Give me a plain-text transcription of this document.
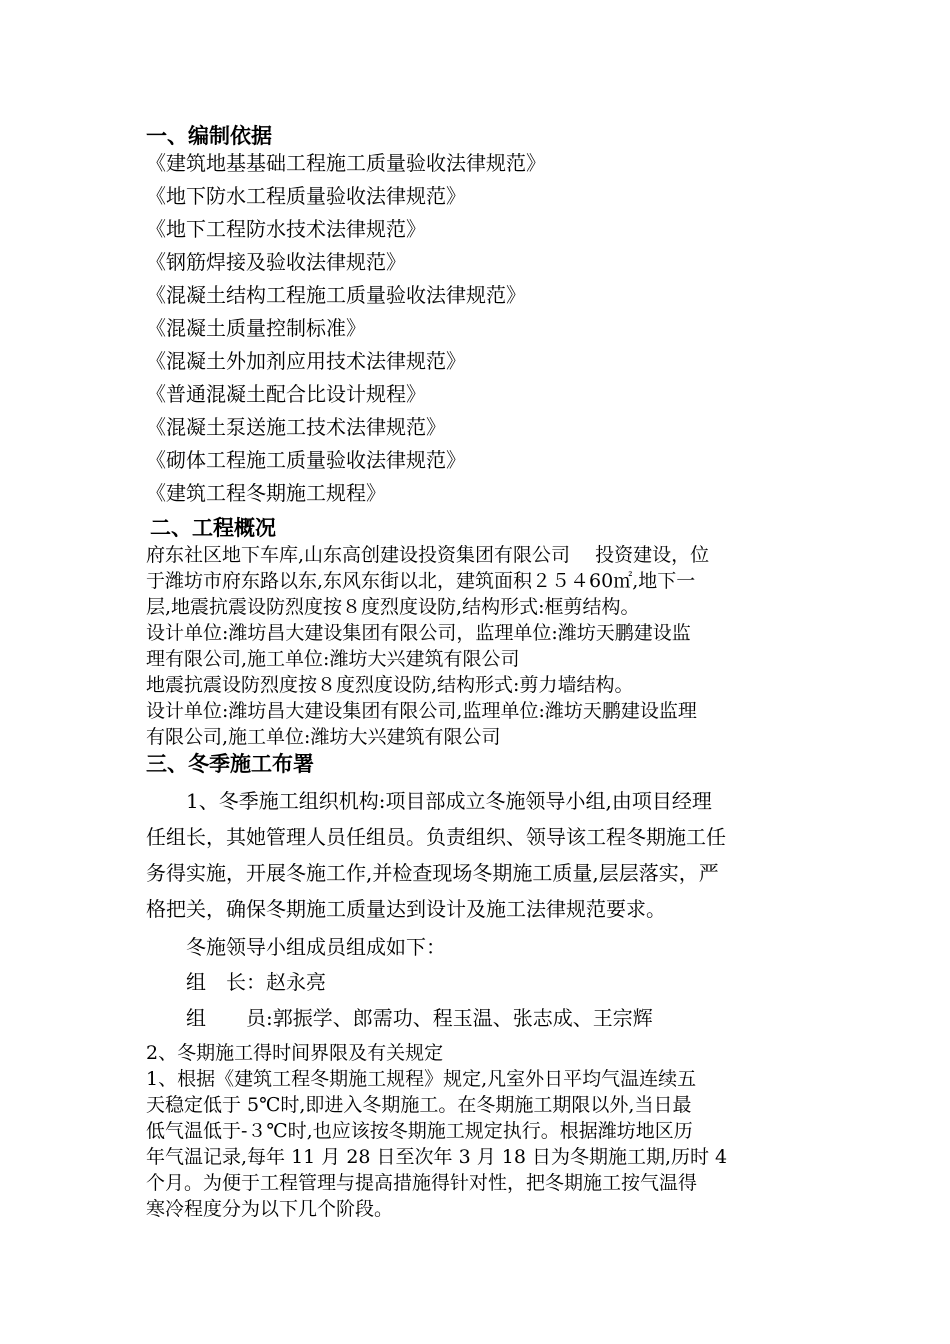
一、编制依据
《建筑地基基础工程施工质量验收法律规范》
《地下防水工程质量验收法律规范》
《地下工程防水技术法律规范》
《钢筋焊接及验收法律规范》
《混凝土结构工程施工质量验收法律规范》
《混凝土质量控制标准》
《混凝土外加剂应用技术法律规范》
《普通混凝土配合比设计规程》
《混凝土泵送施工技术法律规范》
《砌体工程施工质量验收法律规范》
《建筑工程冬期施工规程》
二、工程概况
府东社区地下车库,山东高创建设投资集团有限公司　 投资建设，位
于潍坊市府东路以东,东风东街以北，建筑面积２５４60㎡,地下一
层,地震抗震设防烈度按８度烈度设防,结构形式:框剪结构。
设计单位:潍坊昌大建设集团有限公司，监理单位:潍坊天鹏建设监
理有限公司,施工单位:潍坊大兴建筑有限公司
地震抗震设防烈度按８度烈度设防,结构形式:剪力墙结构。
设计单位:潍坊昌大建设集团有限公司,监理单位:潍坊天鹏建设监理
有限公司,施工单位:潍坊大兴建筑有限公司
三、冬季施工布署
　　1、冬季施工组织机构:项目部成立冬施领导小组,由项目经理
任组长，其她管理人员任组员。负责组织、领导该工程冬期施工任
务得实施，开展冬施工作,并检查现场冬期施工质量,层层落实，严
格把关，确保冬期施工质量达到设计及施工法律规范要求。
　　冬施领导小组成员组成如下：
　　组　长：赵永亮
　　组　　员:郭振学、郎需功、程玉温、张志成、王宗辉
2、冬期施工得时间界限及有关规定
1、根据《建筑工程冬期施工规程》规定,凡室外日平均气温连续五
天稳定低于 5℃时,即进入冬期施工。在冬期施工期限以外,当日最
低气温低于-３℃时,也应该按冬期施工规定执行。根据潍坊地区历
年气温记录,每年 11 月 28 日至次年 3 月 18 日为冬期施工期,历时 4
个月。为便于工程管理与提高措施得针对性，把冬期施工按气温得
寒冷程度分为以下几个阶段。
